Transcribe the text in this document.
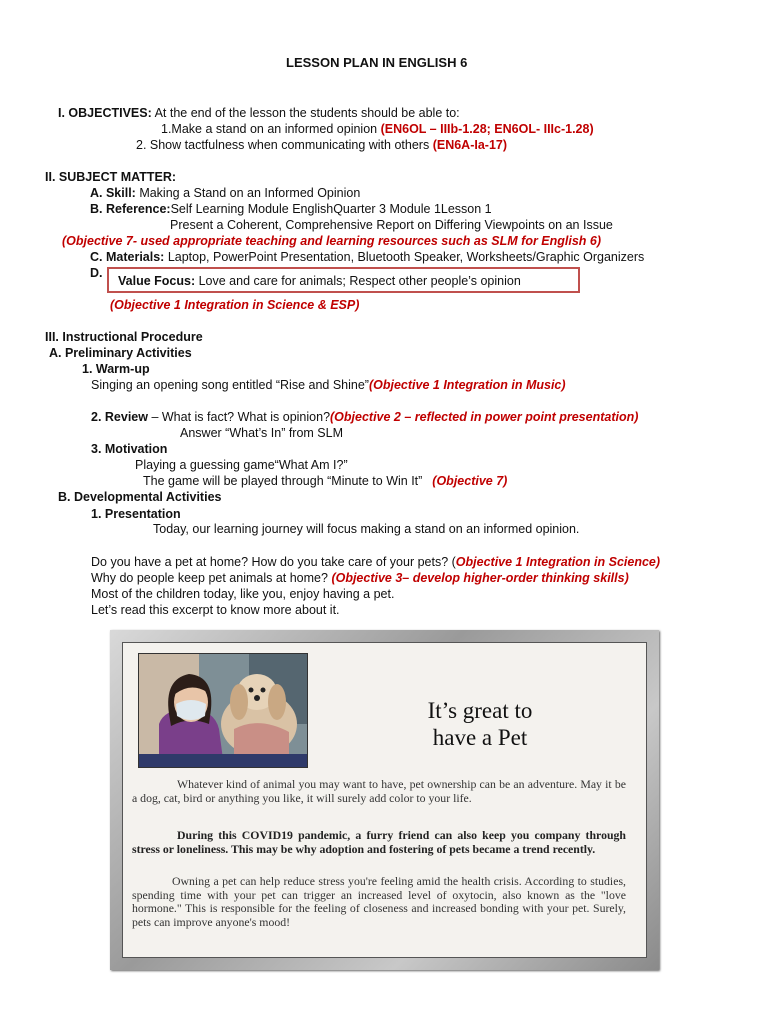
LESSON PLAN IN ENGLISH 6
I. OBJECTIVES: At the end of the lesson the students should be able to:
1.Make a stand on an informed opinion (EN6OL – IIIb-1.28; EN6OL- IIIc-1.28)
2. Show tactfulness when communicating with others (EN6A-Ia-17)
II. SUBJECT MATTER:
A. Skill: Making a Stand on an Informed Opinion
B. Reference:Self Learning Module EnglishQuarter 3 Module 1Lesson 1
Present a Coherent, Comprehensive Report on Differing Viewpoints on an Issue
(Objective 7- used appropriate teaching and learning resources such as SLM for English 6)
C. Materials: Laptop, PowerPoint Presentation, Bluetooth Speaker, Worksheets/Graphic Organizers
D.
Value Focus: Love and care for animals; Respect other people’s opinion
(Objective 1 Integration in Science & ESP)
III. Instructional Procedure
A. Preliminary Activities
1. Warm-up
Singing an opening song entitled “Rise and Shine”(Objective 1 Integration in Music)
2. Review – What is fact? What is opinion?(Objective 2 – reflected in power point presentation)
Answer “What’s In” from SLM
3. Motivation
Playing a guessing game“What Am I?”
The game will be played through “Minute to Win It” (Objective 7)
B. Developmental Activities
1. Presentation
Today, our learning journey will focus making a stand on an informed opinion.
Do you have a pet at home? How do you take care of your pets? (Objective 1 Integration in Science)
Why do people keep pet animals at home? (Objective 3– develop higher-order thinking skills)
Most of the children today, like you, enjoy having a pet.
Let’s read this excerpt to know more about it.
It’s great to
have a Pet

Whatever kind of animal you may want to have, pet ownership can be an adventure. May it be a dog, cat, bird or anything you like, it will surely add color to your life.

During this COVID19 pandemic, a furry friend can also keep you company through stress or loneliness. This may be why adoption and fostering of pets became a trend recently.

Owning a pet can help reduce stress you're feeling amid the health crisis. According to studies, spending time with your pet can trigger an increased level of oxytocin, also known as the "love hormone." This is responsible for the feeling of closeness and increased bonding with your pet. Surely, pets can improve anyone's mood!
